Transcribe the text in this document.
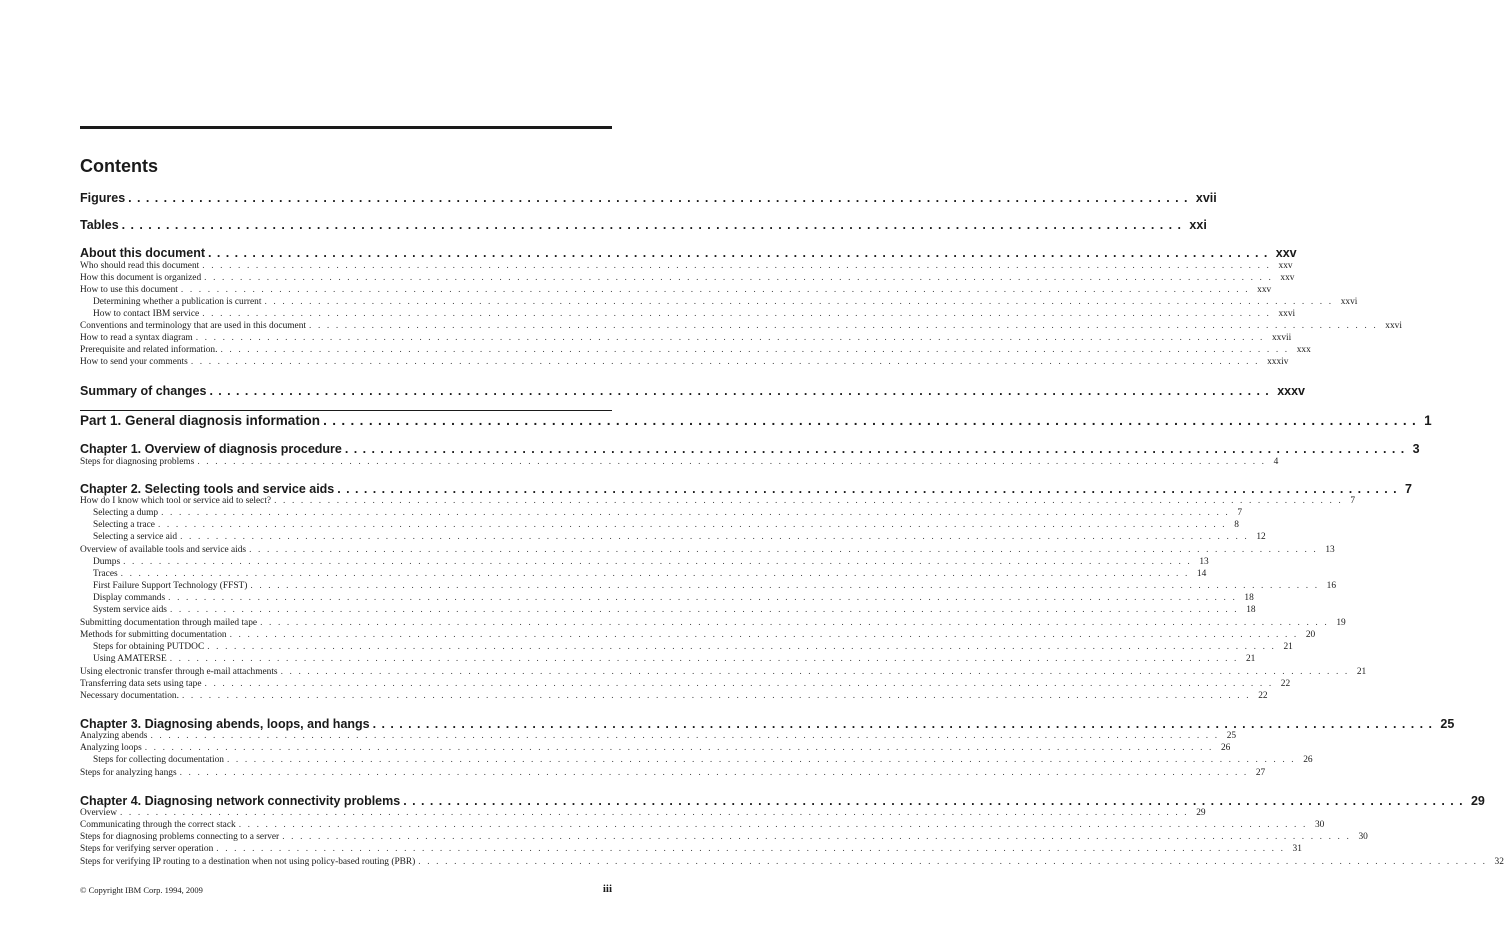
Contents
Figures ........................................................................................................................ xvii
Tables ........................................................................................................................ xxi
About this document ........................................................................................................................ xxv
Who should read this document ........................................................................................................................ xxv
How this document is organized ........................................................................................................................ xxv
How to use this document ........................................................................................................................ xxv
Determining whether a publication is current ........................................................................................................................ xxvi
How to contact IBM service ........................................................................................................................ xxvi
Conventions and terminology that are used in this document ........................................................................................................................ xxvi
How to read a syntax diagram ........................................................................................................................ xxvii
Prerequisite and related information. ........................................................................................................................ xxx
How to send your comments ........................................................................................................................ xxxiv
Summary of changes ........................................................................................................................ xxxv
Part 1. General diagnosis information ........................................................................................................................ 1
Chapter 1. Overview of diagnosis procedure ........................................................................................................................ 3
Steps for diagnosing problems ........................................................................................................................ 4
Chapter 2. Selecting tools and service aids ........................................................................................................................ 7
How do I know which tool or service aid to select? ........................................................................................................................ 7
Selecting a dump ........................................................................................................................ 7
Selecting a trace ........................................................................................................................ 8
Selecting a service aid ........................................................................................................................ 12
Overview of available tools and service aids ........................................................................................................................ 13
Dumps ........................................................................................................................ 13
Traces ........................................................................................................................ 14
First Failure Support Technology (FFST) ........................................................................................................................ 16
Display commands ........................................................................................................................ 18
System service aids ........................................................................................................................ 18
Submitting documentation through mailed tape ........................................................................................................................ 19
Methods for submitting documentation ........................................................................................................................ 20
Steps for obtaining PUTDOC ........................................................................................................................ 21
Using AMATERSE ........................................................................................................................ 21
Using electronic transfer through e-mail attachments ........................................................................................................................ 21
Transferring data sets using tape ........................................................................................................................ 22
Necessary documentation. ........................................................................................................................ 22
Chapter 3. Diagnosing abends, loops, and hangs ........................................................................................................................ 25
Analyzing abends ........................................................................................................................ 25
Analyzing loops ........................................................................................................................ 26
Steps for collecting documentation ........................................................................................................................ 26
Steps for analyzing hangs ........................................................................................................................ 27
Chapter 4. Diagnosing network connectivity problems ........................................................................................................................ 29
Overview ........................................................................................................................ 29
Communicating through the correct stack ........................................................................................................................ 30
Steps for diagnosing problems connecting to a server ........................................................................................................................ 30
Steps for verifying server operation ........................................................................................................................ 31
Steps for verifying IP routing to a destination when not using policy-based routing (PBR) ........................................................................................................................ 32
© Copyright IBM Corp. 1994, 2009	iii
